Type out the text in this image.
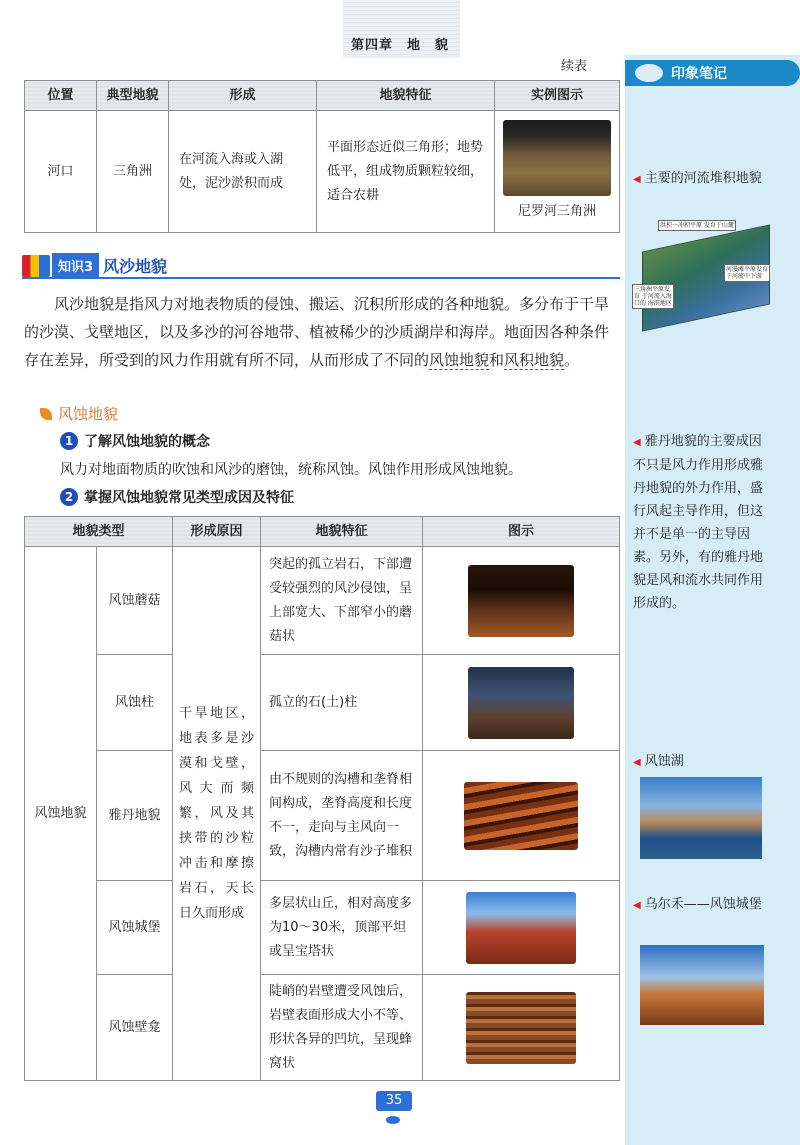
第四章　地　貌
续表
位置	典型地貌	形成	地貌特征	实例图示
河口	三角洲	在河流入海或入湖处，泥沙淤积而成	平面形态近似三角形；地势低平，组成物质颗粒较细，适合农耕	尼罗河三角洲
知识3 风沙地貌
风沙地貌是指风力对地表物质的侵蚀、搬运、沉积所形成的各种地貌。多分布于干旱的沙漠、戈壁地区，以及多沙的河谷地带、植被稀少的沙质湖岸和海岸。地面因各种条件存在差异，所受到的风力作用就有所不同，从而形成了不同的风蚀地貌和风积地貌。
风蚀地貌
1 了解风蚀地貌的概念
风力对地面物质的吹蚀和风沙的磨蚀，统称风蚀。风蚀作用形成风蚀地貌。
2 掌握风蚀地貌常见类型成因及特征
地貌类型		形成原因	地貌特征	图示
风蚀地貌	风蚀蘑菇	干旱地区，地表多是沙漠和戈壁，风大而频繁，风及其挟带的沙粒冲击和摩擦岩石，天长日久而形成	突起的孤立岩石，下部遭受较强烈的风沙侵蚀，呈上部宽大、下部窄小的蘑菇状	

	风蚀柱		孤立的石(土)柱	

	雅丹地貌		由不规则的沟槽和垄脊相间构成，垄脊高度和长度不一，走向与主风向一致，沟槽内常有沙子堆积	

	风蚀城堡		多层状山丘，相对高度多为10～30米，顶部平坦或呈宝塔状	

	风蚀壁龛		陡峭的岩壁遭受风蚀后，岩壁表面形成大小不等、形状各异的凹坑，呈现蜂窝状	
印象笔记
◀ 主要的河流堆积地貌
洪积一冲积平原 发育于山麓
河漫滩平原发育 于河流中下游
三角洲平原发育 于河流入海口的 海滨地区
◀ 雅丹地貌的主要成因不只是风力作用形成雅丹地貌的外力作用，盛行风起主导作用，但这并不是单一的主导因素。另外，有的雅丹地貌是风和流水共同作用形成的。
◀ 风蚀湖
◀ 乌尔禾——风蚀城堡
35
